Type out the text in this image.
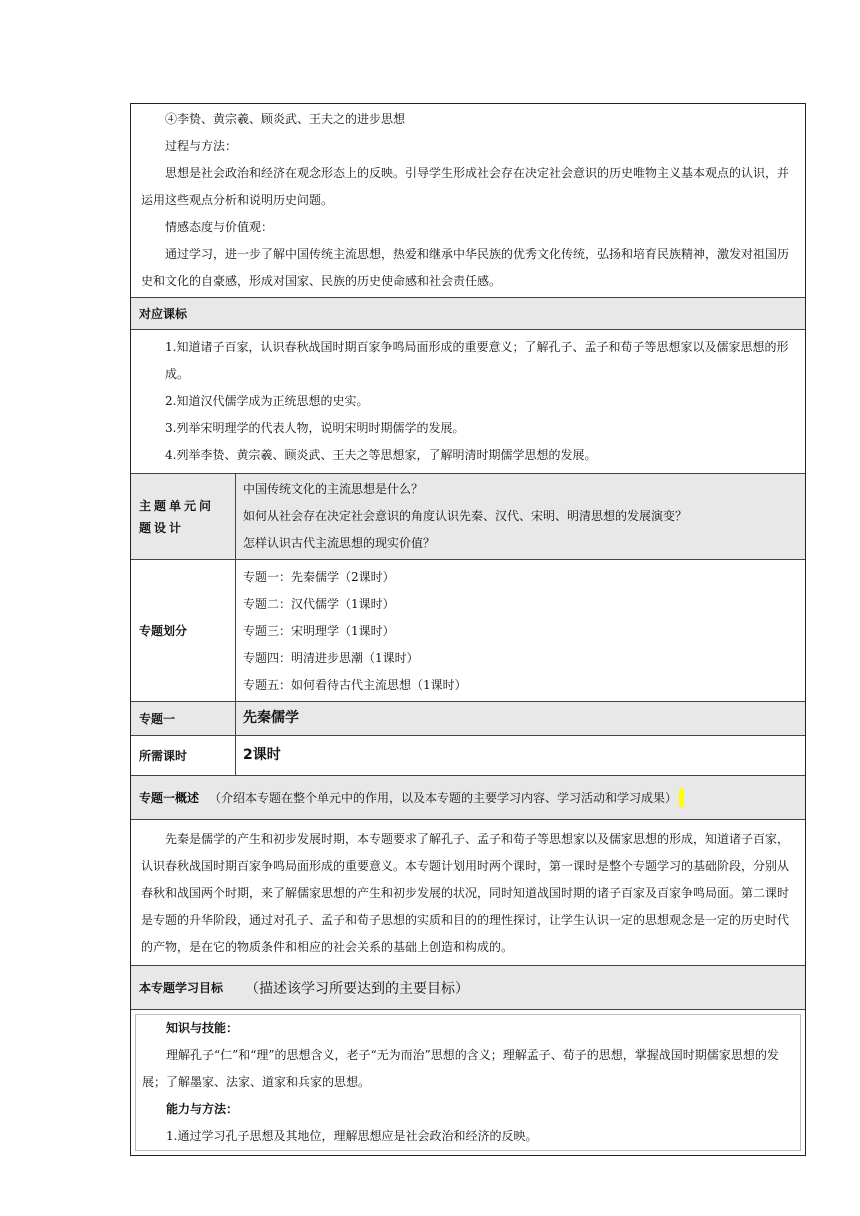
④李贽、黄宗羲、顾炎武、王夫之的进步思想

过程与方法：

思想是社会政治和经济在观念形态上的反映。引导学生形成社会存在决定社会意识的历史唯物主义基本观点的认识，并运用这些观点分析和说明历史问题。

情感态度与价值观：

通过学习，进一步了解中国传统主流思想，热爱和继承中华民族的优秀文化传统，弘扬和培育民族精神，激发对祖国历史和文化的自豪感，形成对国家、民族的历史使命感和社会责任感。

对应课标

1.知道诸子百家，认识春秋战国时期百家争鸣局面形成的重要意义；了解孔子、孟子和荀子等思想家以及儒家思想的形成。

2.知道汉代儒学成为正统思想的史实。

3.列举宋明理学的代表人物，说明宋明时期儒学的发展。

4.列举李贽、黄宗羲、顾炎武、王夫之等思想家，了解明清时期儒学思想的发展。

主题单元问题设计
中国传统文化的主流思想是什么？
如何从社会存在决定社会意识的角度认识先秦、汉代、宋明、明清思想的发展演变？
怎样认识古代主流思想的现实价值？
专题划分
专题一：先秦儒学（2课时）
专题二：汉代儒学（1课时）
专题三：宋明理学（1课时）
专题四：明清进步思潮（1课时）
专题五：如何看待古代主流思想（1课时）
专题一	先秦儒学
所需课时	2课时
专题一概述 （介绍本专题在整个单元中的作用，以及本专题的主要学习内容、学习活动和学习成果）

先秦是儒学的产生和初步发展时期，本专题要求了解孔子、孟子和荀子等思想家以及儒家思想的形成，知道诸子百家，认识春秋战国时期百家争鸣局面形成的重要意义。本专题计划用时两个课时，第一课时是整个专题学习的基础阶段，分别从春秋和战国两个时期，来了解儒家思想的产生和初步发展的状况，同时知道战国时期的诸子百家及百家争鸣局面。第二课时是专题的升华阶段，通过对孔子、孟子和荀子思想的实质和目的的理性探讨，让学生认识一定的思想观念是一定的历史时代的产物，是在它的物质条件和相应的社会关系的基础上创造和构成的。

本专题学习目标 （描述该学习所要达到的主要目标）

知识与技能：

理解孔子“仁”和“理”的思想含义，老子“无为而治”思想的含义；理解孟子、荀子的思想，掌握战国时期儒家思想的发展；了解墨家、法家、道家和兵家的思想。

能力与方法：

1.通过学习孔子思想及其地位，理解思想应是社会政治和经济的反映。
